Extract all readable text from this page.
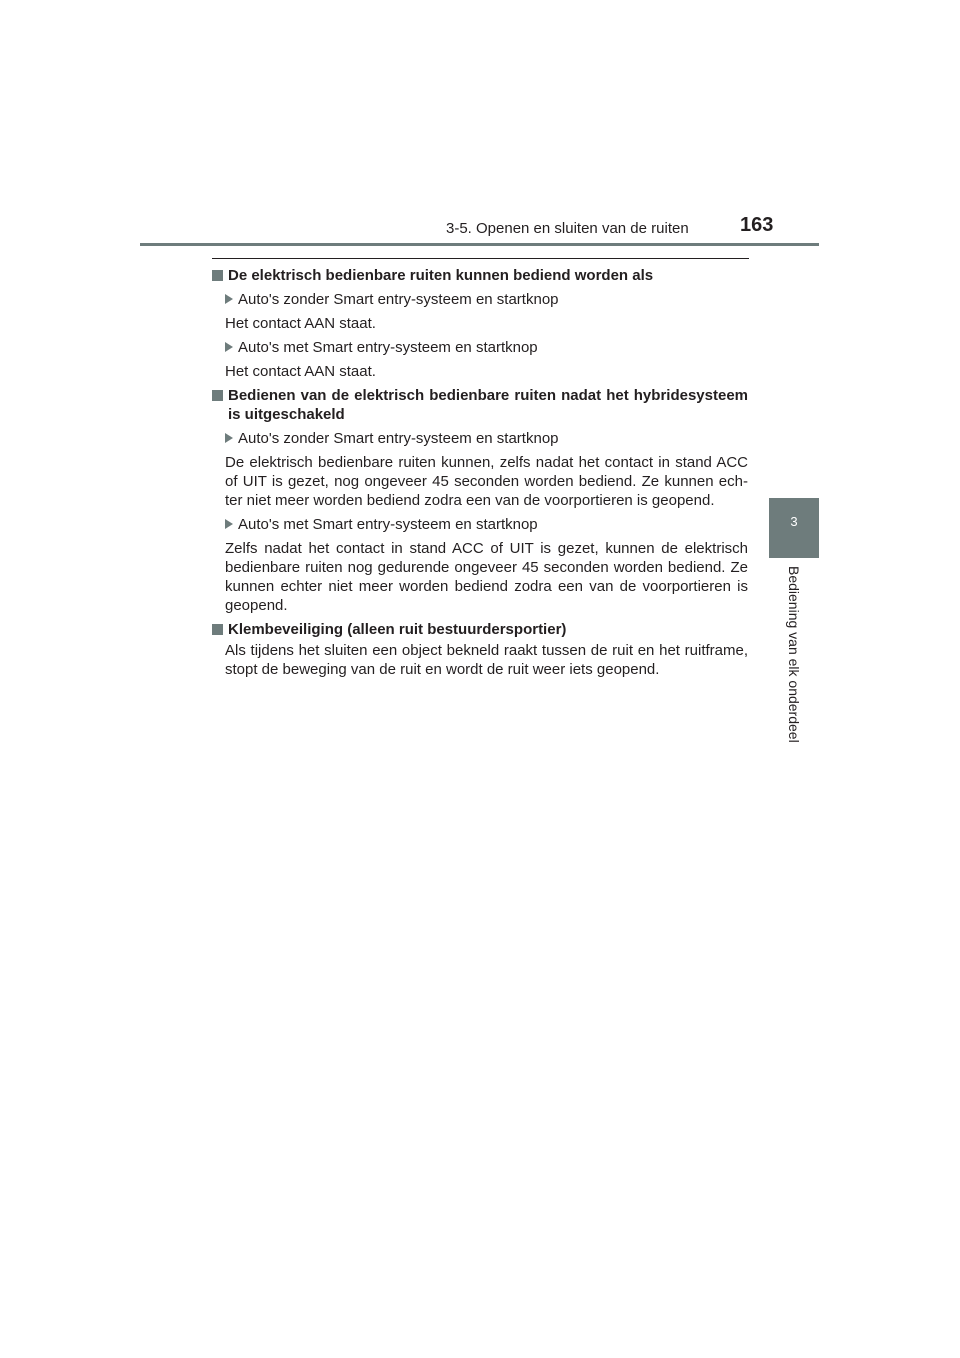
3-5. Openen en sluiten van de ruiten	163
3
Bediening van elk onderdeel
De elektrisch bedienbare ruiten kunnen bediend worden als
Auto's zonder Smart entry-systeem en startknop

Het contact AAN staat.

Auto's met Smart entry-systeem en startknop

Het contact AAN staat.

Bedienen van de elektrisch bedienbare ruiten nadat het hybridesysteem is uitgeschakeld
Auto's zonder Smart entry-systeem en startknop

De elektrisch bedienbare ruiten kunnen, zelfs nadat het contact in stand ACC of UIT is gezet, nog ongeveer 45 seconden worden bediend. Ze kunnen ech-ter niet meer worden bediend zodra een van de voorportieren is geopend.

Auto's met Smart entry-systeem en startknop

Zelfs nadat het contact in stand ACC of UIT is gezet, kunnen de elektrisch bedienbare ruiten nog gedurende ongeveer 45 seconden worden bediend. Ze kunnen echter niet meer worden bediend zodra een van de voorportieren is geopend.

Klembeveiliging (alleen ruit bestuurdersportier)

Als tijdens het sluiten een object bekneld raakt tussen de ruit en het ruitframe, stopt de beweging van de ruit en wordt de ruit weer iets geopend.
